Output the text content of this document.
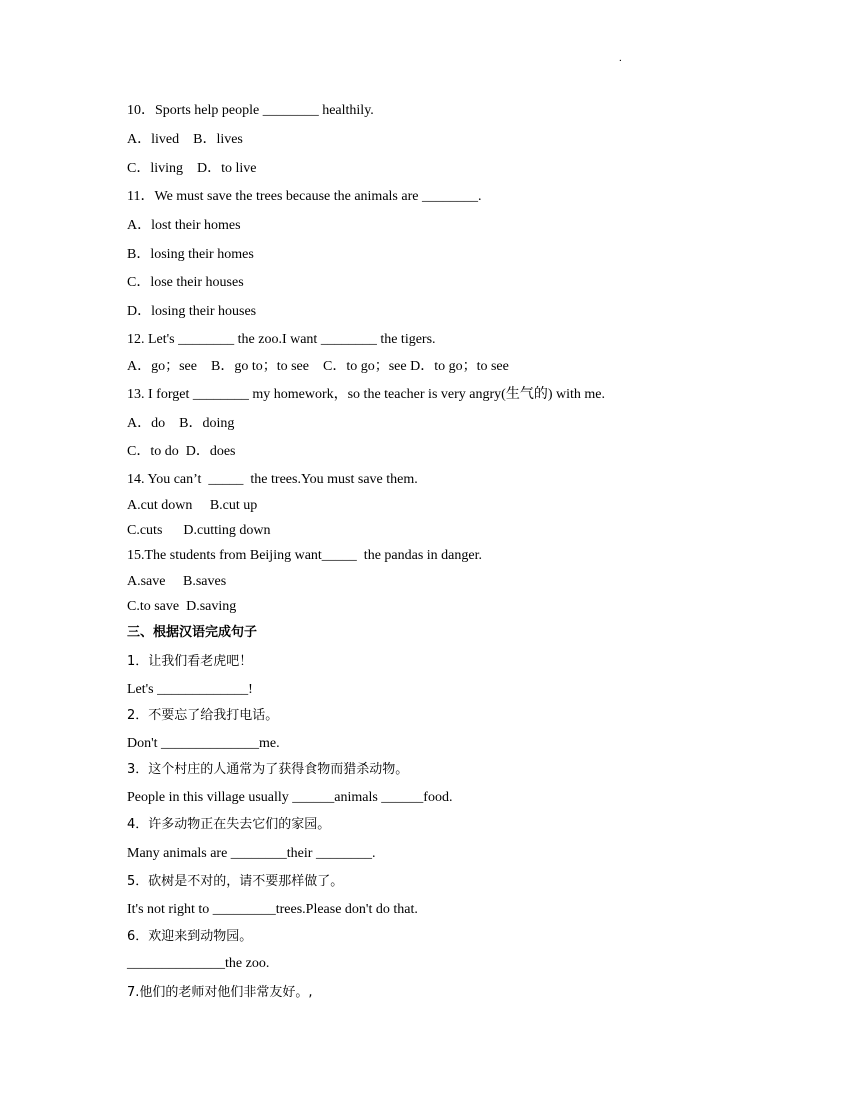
.
10．Sports help people ________ healthily.
A．lived    B．lives
C．living    D．to live
11．We must save the trees because the animals are ________.
A．lost their homes
B．losing their homes
C．lose their houses
D．losing their houses
12. Let's ________ the zoo.I want ________ the tigers.
A．go；see    B．go to；to see    C．to go；see D．to go；to see
13. I forget ________ my homework，so the teacher is very angry(生气的) with me.
A．do    B．doing
C．to do  D．does
14. You can’t  _____  the trees.You must save them.
A.cut down     B.cut up
C.cuts      D.cutting down
15.The students from Beijing want_____  the pandas in danger.
A.save     B.saves
C.to save  D.saving
三、根据汉语完成句子
1．让我们看老虎吧！
Let's _____________!
2．不要忘了给我打电话。
Don't ______________me.
3．这个村庄的人通常为了获得食物而猎杀动物。
People in this village usually ______animals ______food.
4．许多动物正在失去它们的家园。
Many animals are ________their ________.
5．砍树是不对的，请不要那样做了。
It's not right to _________trees.Please don't do that.
6．欢迎来到动物园。
______________the zoo.
7.他们的老师对他们非常友好。,
